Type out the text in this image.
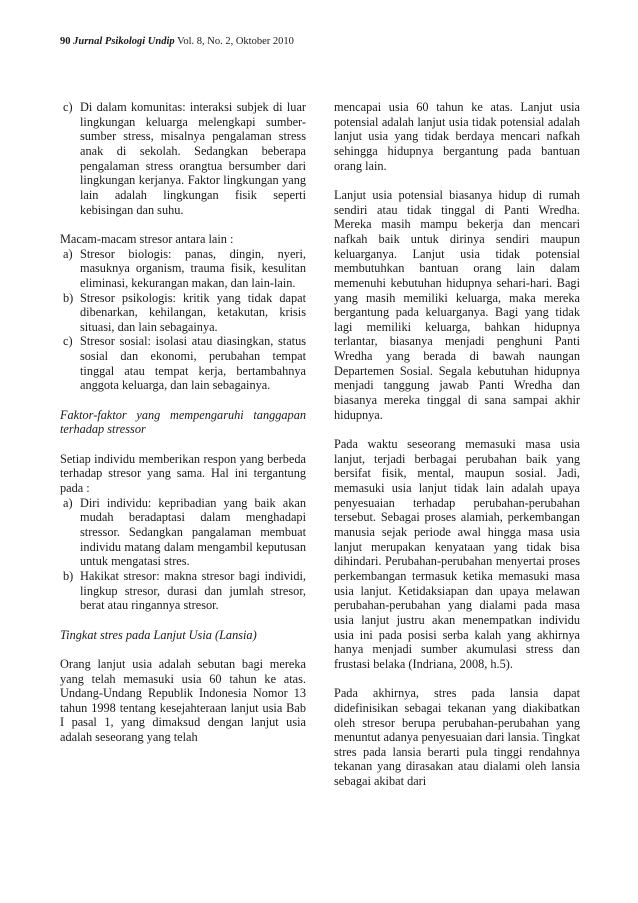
90 Jurnal Psikologi Undip Vol. 8, No. 2, Oktober 2010
c) Di dalam komunitas: interaksi subjek di luar lingkungan keluarga melengkapi sumber-sumber stress, misalnya pengalaman stress anak di sekolah. Sedangkan beberapa pengalaman stress orangtua bersumber dari lingkungan kerjanya. Faktor lingkungan yang lain adalah lingkungan fisik seperti kebisingan dan suhu.

Macam-macam stresor antara lain :

a) Stresor biologis: panas, dingin, nyeri, masuknya organism, trauma fisik, kesulitan eliminasi, kekurangan makan, dan lain-lain.
b) Stresor psikologis: kritik yang tidak dapat dibenarkan, kehilangan, ketakutan, krisis situasi, dan lain sebagainya.
c) Stresor sosial: isolasi atau diasingkan, status sosial dan ekonomi, perubahan tempat tinggal atau tempat kerja, bertambahnya anggota keluarga, dan lain sebagainya.

Faktor-faktor yang mempengaruhi tanggapan terhadap stressor

Setiap individu memberikan respon yang berbeda terhadap stresor yang sama. Hal ini tergantung pada :

a) Diri individu: kepribadian yang baik akan mudah beradaptasi dalam menghadapi stressor. Sedangkan pangalaman membuat individu matang dalam mengambil keputusan untuk mengatasi stres.
b) Hakikat stresor: makna stresor bagi individi, lingkup stresor, durasi dan jumlah stresor, berat atau ringannya stresor.

Tingkat stres pada Lanjut Usia (Lansia)

Orang lanjut usia adalah sebutan bagi mereka yang telah memasuki usia 60 tahun ke atas. Undang-Undang Republik Indonesia Nomor 13 tahun 1998 tentang kesejahteraan lanjut usia Bab I pasal 1, yang dimaksud dengan lanjut usia adalah seseorang yang telah

mencapai usia 60 tahun ke atas. Lanjut usia potensial adalah lanjut usia tidak potensial adalah lanjut usia yang tidak berdaya mencari nafkah sehingga hidupnya bergantung pada bantuan orang lain.

Lanjut usia potensial biasanya hidup di rumah sendiri atau tidak tinggal di Panti Wredha. Mereka masih mampu bekerja dan mencari nafkah baik untuk dirinya sendiri maupun keluarganya. Lanjut usia tidak potensial membutuhkan bantuan orang lain dalam memenuhi kebutuhan hidupnya sehari-hari. Bagi yang masih memiliki keluarga, maka mereka bergantung pada keluarganya. Bagi yang tidak lagi memiliki keluarga, bahkan hidupnya terlantar, biasanya menjadi penghuni Panti Wredha yang berada di bawah naungan Departemen Sosial. Segala kebutuhan hidupnya menjadi tanggung jawab Panti Wredha dan biasanya mereka tinggal di sana sampai akhir hidupnya.

Pada waktu seseorang memasuki masa usia lanjut, terjadi berbagai perubahan baik yang bersifat fisik, mental, maupun sosial. Jadi, memasuki usia lanjut tidak lain adalah upaya penyesuaian terhadap perubahan-perubahan tersebut. Sebagai proses alamiah, perkembangan manusia sejak periode awal hingga masa usia lanjut merupakan kenyataan yang tidak bisa dihindari. Perubahan-perubahan menyertai proses perkembangan termasuk ketika memasuki masa usia lanjut. Ketidaksiapan dan upaya melawan perubahan-perubahan yang dialami pada masa usia lanjut justru akan menempatkan individu usia ini pada posisi serba kalah yang akhirnya hanya menjadi sumber akumulasi stress dan frustasi belaka (Indriana, 2008, h.5).

Pada akhirnya, stres pada lansia dapat didefinisikan sebagai tekanan yang diakibatkan oleh stresor berupa perubahan-perubahan yang menuntut adanya penyesuaian dari lansia. Tingkat stres pada lansia berarti pula tinggi rendahnya tekanan yang dirasakan atau dialami oleh lansia sebagai akibat dari
